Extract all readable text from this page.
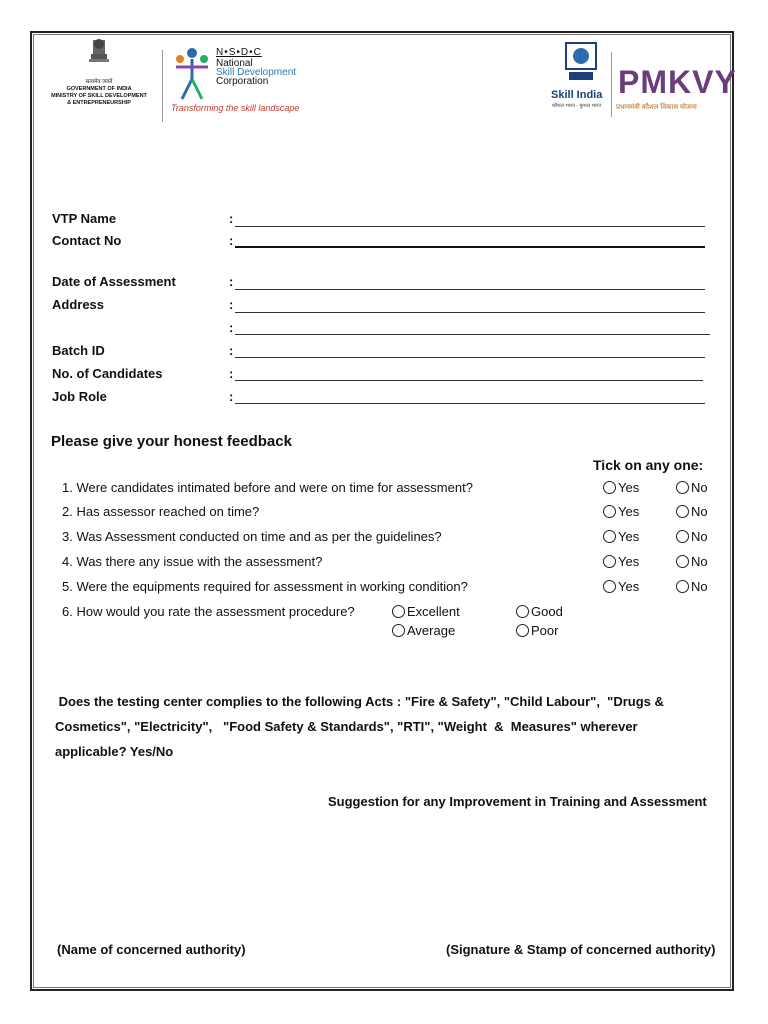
सत्यमेव जयते
GOVERNMENT OF INDIA
MINISTRY OF SKILL DEVELOPMENT
& ENTREPRENEURSHIP
N•S•D•C
National
Skill Development
Corporation
Transforming the skill landscape
Skill India
कौशल भारत - कुशल भारत
PMKVY
प्रधानमंत्री कौशल विकास योजना
VTP Name	:
Contact No	:
Date of Assessment	:
Address	:
:
Batch ID	:
No. of Candidates	:
Job Role	:
Please give your honest feedback
Tick on any one:
1. Were candidates intimated before and were on time for assessment?	Yes	No
2. Has assessor reached on time?	Yes	No
3. Was Assessment conducted on time and as per the guidelines?	Yes	No
4. Was there any issue with the assessment?	Yes	No
5. Were the equipments required for assessment in working condition?	Yes	No
6. How would you rate the assessment procedure?	Excellent	Good
Average	Poor
Does the testing center complies to the following Acts : "Fire & Safety", "Child Labour",  "Drugs &
Cosmetics", "Electricity",   "Food Safety & Standards", "RTI", "Weight  &  Measures" wherever
applicable? Yes/No
Suggestion for any Improvement in Training and Assessment
(Name of concerned authority)	(Signature & Stamp of concerned authority)
